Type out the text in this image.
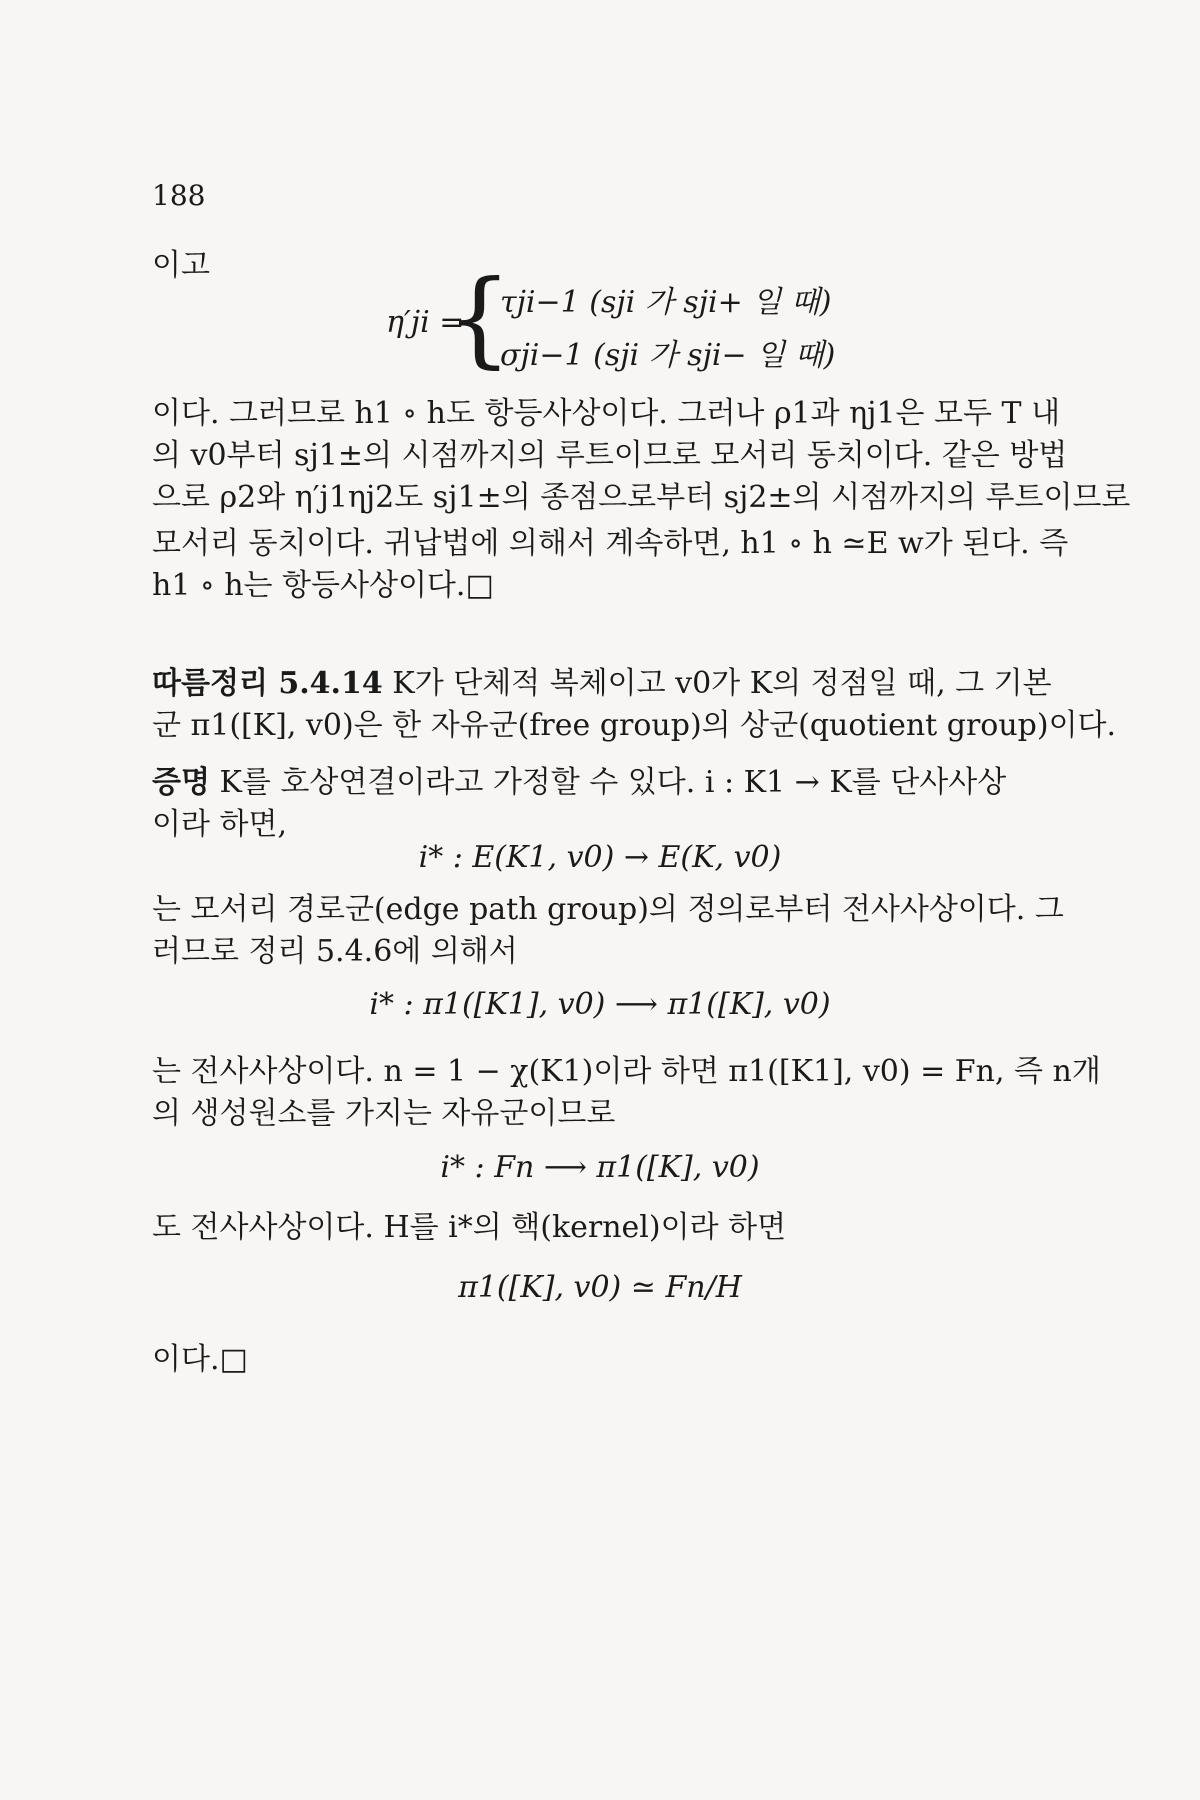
188
이고
η′ji =
{
τji−1 (sji 가 sji+ 일 때)
σji−1 (sji 가 sji− 일 때)
이다. 그러므로 h1 ∘ h도 항등사상이다. 그러나 ρ1과 ηj1은 모두 T 내
의 v0부터 sj1±의 시점까지의 루트이므로 모서리 동치이다. 같은 방법
으로 ρ2와 η′j1ηj2도 sj1±의 종점으로부터 sj2±의 시점까지의 루트이므로
모서리 동치이다. 귀납법에 의해서 계속하면, h1 ∘ h ≃E w가 된다. 즉
h1 ∘ h는 항등사상이다.□
따름정리 5.4.14 K가 단체적 복체이고 v0가 K의 정점일 때, 그 기본
군 π1([K], v0)은 한 자유군(free group)의 상군(quotient group)이다.
증명 K를 호상연결이라고 가정할 수 있다. i : K1 → K를 단사사상
이라 하면,
i* : E(K1, v0) → E(K, v0)
는 모서리 경로군(edge path group)의 정의로부터 전사사상이다. 그
러므로 정리 5.4.6에 의해서
i* : π1([K1], v0) ⟶ π1([K], v0)
는 전사사상이다. n = 1 − χ(K1)이라 하면 π1([K1], v0) = Fn, 즉 n개
의 생성원소를 가지는 자유군이므로
i* : Fn ⟶ π1([K], v0)
도 전사사상이다. H를 i*의 핵(kernel)이라 하면
π1([K], v0) ≃ Fn/H
이다.□
